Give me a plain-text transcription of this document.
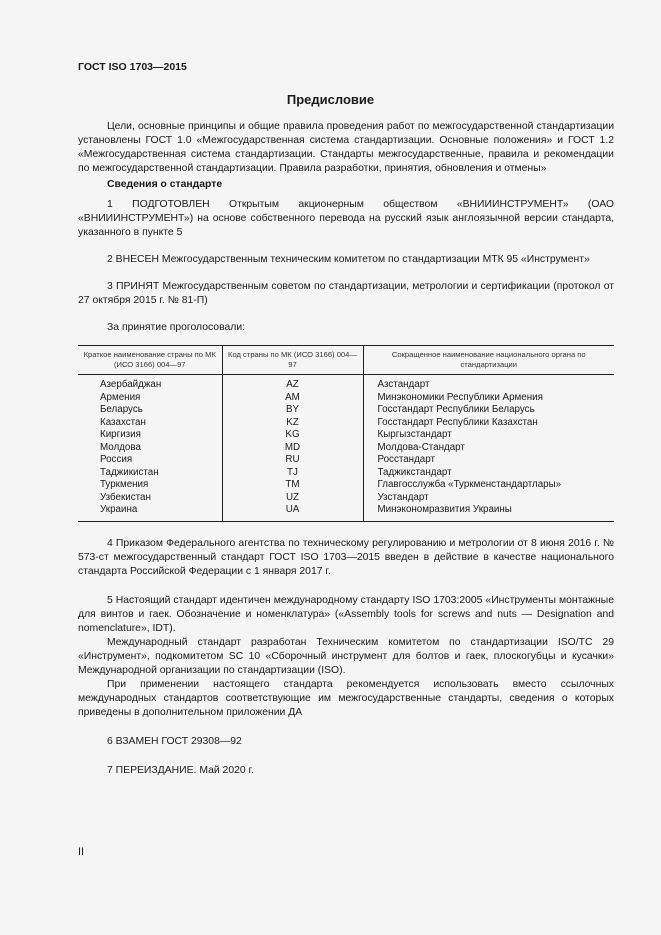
ГОСТ ISO 1703—2015
Предисловие

Цели, основные принципы и общие правила проведения работ по межгосударственной стандартизации установлены ГОСТ 1.0 «Межгосударственная система стандартизации. Основные положения» и ГОСТ 1.2 «Межгосударственная система стандартизации. Стандарты межгосударственные, правила и рекомендации по межгосударственной стандартизации. Правила разработки, принятия, обновления и отмены»

Сведения о стандарте

1 ПОДГОТОВЛЕН Открытым акционерным обществом «ВНИИИНСТРУМЕНТ» (ОАО «ВНИИИНСТРУМЕНТ») на основе собственного перевода на русский язык англоязычной версии стандарта, указанного в пункте 5

2 ВНЕСЕН Межгосударственным техническим комитетом по стандартизации МТК 95 «Инструмент»

3 ПРИНЯТ Межгосударственным советом по стандартизации, метрологии и сертификации (протокол от 27 октября 2015 г. № 81-П)

За принятие проголосовали:

Краткое наименование страны по МК (ИСО 3166) 004—97	Код страны по МК (ИСО 3166) 004—97	Сокращенное наименование национального органа по стандартизации
Азербайджан	AZ	Азстандарт
Армения	AM	Минэкономики Республики Армения
Беларусь	BY	Госстандарт Республики Беларусь
Казахстан	KZ	Госстандарт Республики Казахстан
Киргизия	KG	Кыргызстандарт
Молдова	MD	Молдова-Стандарт
Россия	RU	Росстандарт
Таджикистан	TJ	Таджикстандарт
Туркмения	TM	Главгосслужба «Туркменстандартлары»
Узбекистан	UZ	Узстандарт
Украина	UA	Минэкономразвития Украины

4 Приказом Федерального агентства по техническому регулированию и метрологии от 8 июня 2016 г. № 573-ст межгосударственный стандарт ГОСТ ISO 1703—2015 введен в действие в качестве национального стандарта Российской Федерации с 1 января 2017 г.

5 Настоящий стандарт идентичен международному стандарту ISO 1703:2005 «Инструменты монтажные для винтов и гаек. Обозначение и номенклатура» («Assembly tools for screws and nuts — Designation and nomenclature», IDT).

Международный стандарт разработан Техническим комитетом по стандартизации ISO/TC 29 «Инструмент», подкомитетом SC 10 «Сборочный инструмент для болтов и гаек, плоскогубцы и кусачки» Международной организации по стандартизации (ISO).

При применении настоящего стандарта рекомендуется использовать вместо ссылочных международных стандартов соответствующие им межгосударственные стандарты, сведения о которых приведены в дополнительном приложении ДА

6 ВЗАМЕН ГОСТ 29308—92

7 ПЕРЕИЗДАНИЕ. Май 2020 г.

II
